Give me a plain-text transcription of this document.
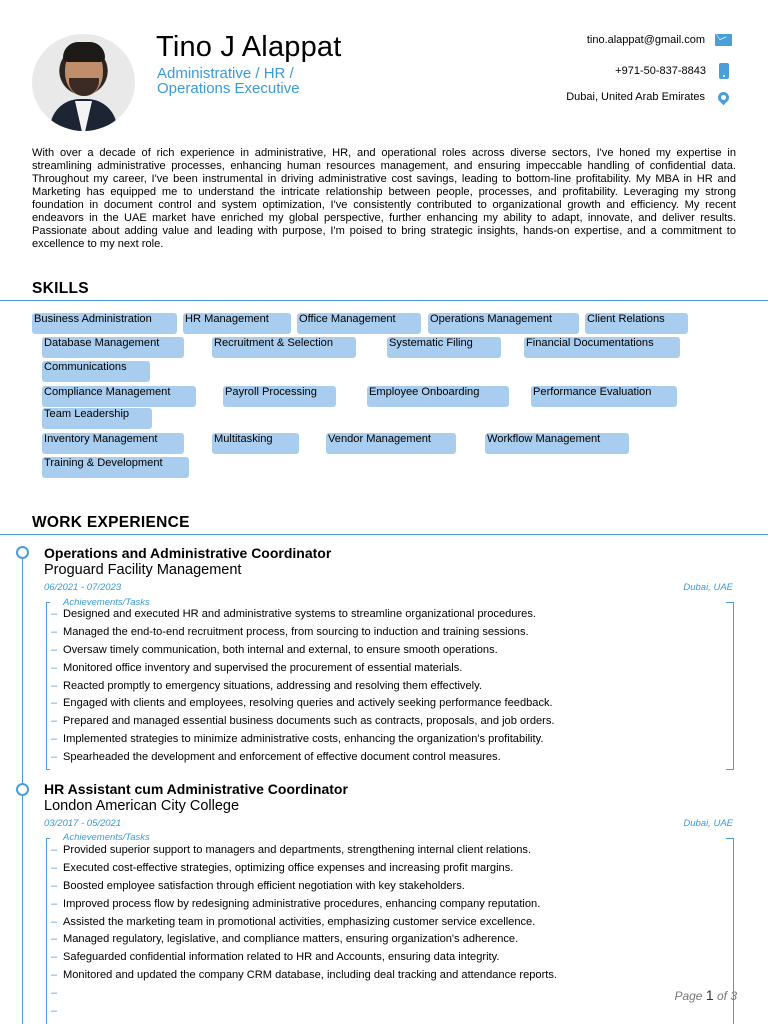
Tino J Alappat
Administrative / HR / Operations Executive
tino.alappat@gmail.com
+971-50-837-8843
Dubai, United Arab Emirates

With over a decade of rich experience in administrative, HR, and operational roles across diverse sectors, I've honed my expertise in streamlining administrative processes, enhancing human resources management, and ensuring impeccable handling of confidential data. Throughout my career, I've been instrumental in driving administrative cost savings, leading to bottom-line profitability. My MBA in HR and Marketing has equipped me to understand the intricate relationship between people, processes, and profitability. Leveraging my strong foundation in document control and system optimization, I've consistently contributed to organizational growth and efficiency. My recent endeavors in the UAE market have enriched my global perspective, further enhancing my ability to adapt, innovate, and deliver results. Passionate about adding value and leading with purpose, I'm poised to bring strategic insights, hands-on expertise, and a commitment to excellence to my next role.

SKILLS
Business Administration	HR Management	Office Management	Operations Management	Client Relations
Database Management	Recruitment & Selection	Systematic Filing	Financial Documentations
Communications
Compliance Management	Payroll Processing	Employee Onboarding	Performance Evaluation
Team Leadership
Inventory Management	Multitasking	Vendor Management	Workflow Management
Training & Development
WORK EXPERIENCE
Operations and Administrative Coordinator
Proguard Facility Management
06/2021 - 07/2023	Dubai, UAE
Achievements/Tasks
– Designed and executed HR and administrative systems to streamline organizational procedures.
– Managed the end-to-end recruitment process, from sourcing to induction and training sessions.
– Oversaw timely communication, both internal and external, to ensure smooth operations.
– Monitored office inventory and supervised the procurement of essential materials.
– Reacted promptly to emergency situations, addressing and resolving them effectively.
– Engaged with clients and employees, resolving queries and actively seeking performance feedback.
– Prepared and managed essential business documents such as contracts, proposals, and job orders.
– Implemented strategies to minimize administrative costs, enhancing the organization's profitability.
– Spearheaded the development and enforcement of effective document control measures.
HR Assistant cum Administrative Coordinator
London American City College
03/2017 - 05/2021	Dubai, UAE
Achievements/Tasks
– Provided superior support to managers and departments, strengthening internal client relations.
– Executed cost-effective strategies, optimizing office expenses and increasing profit margins.
– Boosted employee satisfaction through efficient negotiation with key stakeholders.
– Improved process flow by redesigning administrative procedures, enhancing company reputation.
– Assisted the marketing team in promotional activities, emphasizing customer service excellence.
– Managed regulatory, legislative, and compliance matters, ensuring organization's adherence.
– Safeguarded confidential information related to HR and Accounts, ensuring data integrity.
– Monitored and updated the company CRM database, including deal tracking and attendance reports.
–
–
Page 1 of 3
